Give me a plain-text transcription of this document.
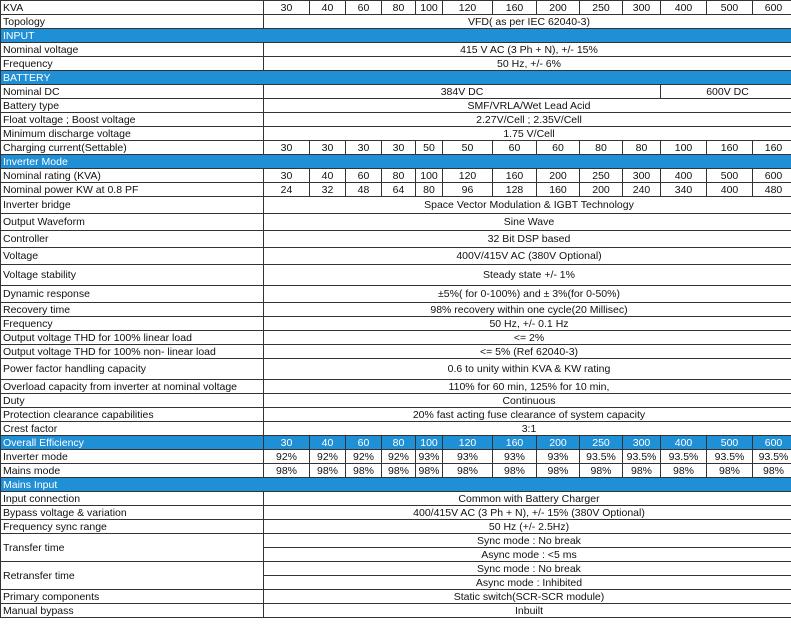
KVA	30	40	60	80	100	120	160	200	250	300	400	500	600
Topology	VFD( as per IEC 62040-3)												
INPUT													
Nominal voltage	415 V AC (3 Ph + N), +/- 15%												
Frequency	50 Hz, +/- 6%												
BATTERY													
Nominal DC	384V DC										600V DC		
Battery type	SMF/VRLA/Wet Lead Acid												
Float voltage ; Boost voltage	2.27V/Cell ; 2.35V/Cell												
Minimum discharge voltage	1.75 V/Cell												
Charging current(Settable)	30	30	30	30	50	50	60	60	80	80	100	160	160
Inverter Mode													
Nominal rating (KVA)	30	40	60	80	100	120	160	200	250	300	400	500	600
Nominal power KW at 0.8 PF	24	32	48	64	80	96	128	160	200	240	340	400	480
Inverter bridge	Space Vector Modulation & IGBT Technology												
Output Waveform	Sine Wave												
Controller	32 Bit DSP based												
Voltage	400V/415V AC (380V Optional)												
Voltage stability	Steady state +/- 1%												
Dynamic response	±5%( for 0-100%) and ± 3%(for 0-50%)												
Recovery time	98% recovery within one cycle(20 Millisec)												
Frequency	50 Hz, +/- 0.1 Hz												
Output voltage THD for 100% linear load	<= 2%												
Output voltage THD for 100% non- linear load	<= 5% (Ref 62040-3)												
Power factor handling capacity	0.6 to unity within KVA & KW rating												
Overload capacity from inverter at nominal voltage	110% for 60 min, 125% for 10 min,												
Duty	Continuous												
Protection clearance capabilities	20% fast acting fuse clearance of system capacity												
Crest factor	3:1												
Overall Efficiency	30	40	60	80	100	120	160	200	250	300	400	500	600
Inverter mode	92%	92%	92%	92%	93%	93%	93%	93%	93.5%	93.5%	93.5%	93.5%	93.5%
Mains mode	98%	98%	98%	98%	98%	98%	98%	98%	98%	98%	98%	98%	98%
Mains Input													
Input connection	Common with Battery Charger												
Bypass voltage & variation	400/415V AC (3 Ph + N), +/- 15% (380V Optional)												
Frequency sync range	50 Hz (+/- 2.5Hz)												
Transfer time	Sync mode : No break												
	Async mode : <5 ms												
Retransfer time	Sync mode : No break												
	Async mode : Inhibited												
Primary components	Static switch(SCR-SCR module)												
Manual bypass	Inbuilt												
